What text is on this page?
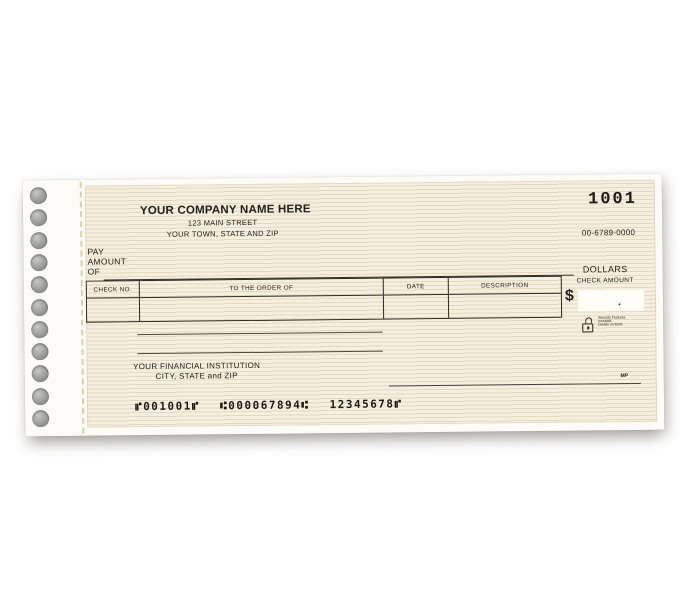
1001
YOUR COMPANY NAME HERE
123 MAIN STREET
YOUR TOWN, STATE AND ZIP	00-6789-0000
PAY
AMOUNT
OF	DOLLARS
CHECK AMOUNT
CHECK NO.	TO THE ORDER OF	DATE	DESCRIPTION
$	.
Security Features
Included.
Details on Back.
YOUR FINANCIAL INSTITUTION
CITY, STATE and ZIP	MP
⑈001001⑈ ⑆000067894⑆ 12345678⑈
